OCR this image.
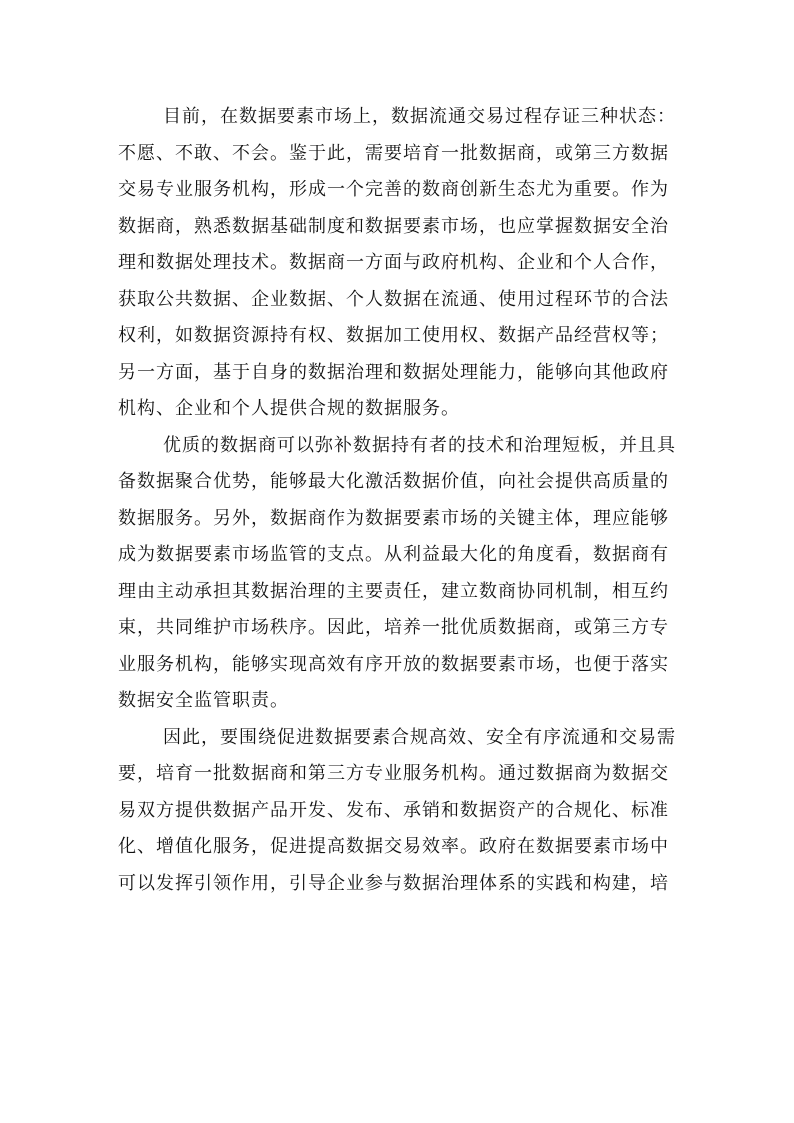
目前，在数据要素市场上，数据流通交易过程存证三种状态：
不愿、不敢、不会。鉴于此，需要培育一批数据商，或第三方数据
交易专业服务机构，形成一个完善的数商创新生态尤为重要。作为
数据商，熟悉数据基础制度和数据要素市场，也应掌握数据安全治
理和数据处理技术。数据商一方面与政府机构、企业和个人合作，
获取公共数据、企业数据、个人数据在流通、使用过程环节的合法
权利，如数据资源持有权、数据加工使用权、数据产品经营权等；
另一方面，基于自身的数据治理和数据处理能力，能够向其他政府
机构、企业和个人提供合规的数据服务。
优质的数据商可以弥补数据持有者的技术和治理短板，并且具
备数据聚合优势，能够最大化激活数据价值，向社会提供高质量的
数据服务。另外，数据商作为数据要素市场的关键主体，理应能够
成为数据要素市场监管的支点。从利益最大化的角度看，数据商有
理由主动承担其数据治理的主要责任，建立数商协同机制，相互约
束，共同维护市场秩序。因此，培养一批优质数据商，或第三方专
业服务机构，能够实现高效有序开放的数据要素市场，也便于落实
数据安全监管职责。
因此，要围绕促进数据要素合规高效、安全有序流通和交易需
要，培育一批数据商和第三方专业服务机构。通过数据商为数据交
易双方提供数据产品开发、发布、承销和数据资产的合规化、标准
化、增值化服务，促进提高数据交易效率。政府在数据要素市场中
可以发挥引领作用，引导企业参与数据治理体系的实践和构建，培
